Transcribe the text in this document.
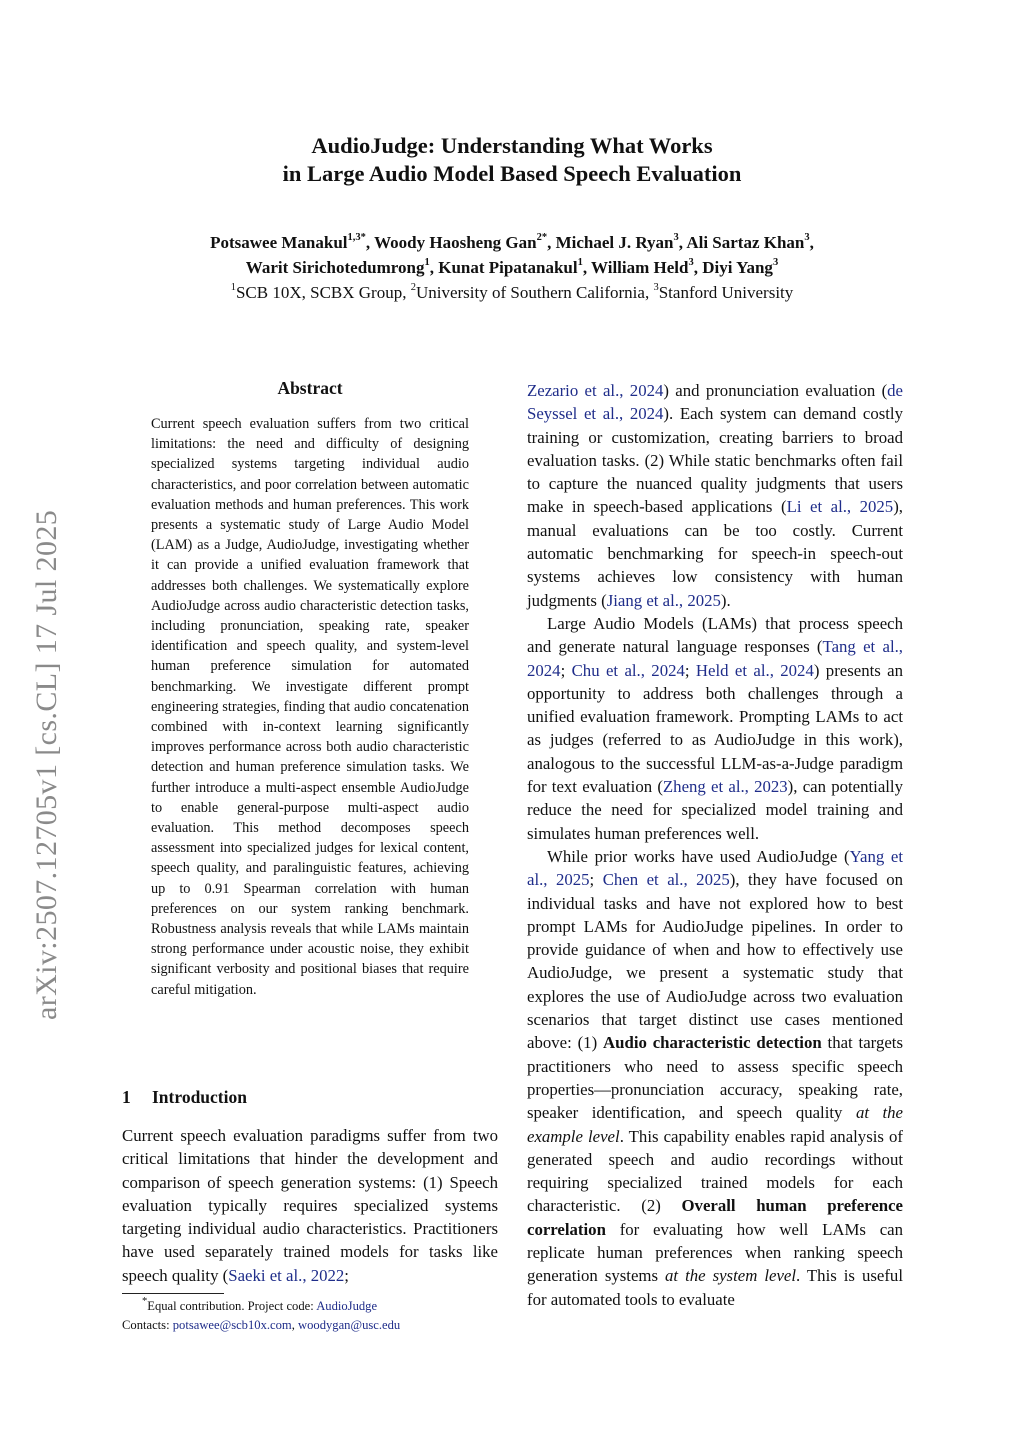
arXiv:2507.12705v1 [cs.CL] 17 Jul 2025
AudioJudge: Understanding What Works
in Large Audio Model Based Speech Evaluation
Potsawee Manakul$^{1,3*}$, Woody Haosheng Gan$^{2*}$, Michael J. Ryan$^3$, Ali Sartaz Khan$^3$,
Warit Sirichotedumrong$^1$, Kunat Pipatanakul$^1$, William Held$^3$, Diyi Yang$^3$
$^1$SCB 10X, SCBX Group, $^2$University of Southern California, $^3$Stanford University
Abstract
Current speech evaluation suffers from two critical limitations: the need and difficulty of designing specialized systems targeting individual audio characteristics, and poor correlation between automatic evaluation methods and human preferences. This work presents a systematic study of Large Audio Model (LAM) as a Judge, AudioJudge, investigating whether it can provide a unified evaluation framework that addresses both challenges. We systematically explore AudioJudge across audio characteristic detection tasks, including pronunciation, speaking rate, speaker identification and speech quality, and system-level human preference simulation for automated benchmarking. We investigate different prompt engineering strategies, finding that audio concatenation combined with in-context learning significantly improves performance across both audio characteristic detection and human preference simulation tasks. We further introduce a multi-aspect ensemble AudioJudge to enable general-purpose multi-aspect audio evaluation. This method decomposes speech assessment into specialized judges for lexical content, speech quality, and paralinguistic features, achieving up to 0.91 Spearman correlation with human preferences on our system ranking benchmark. Robustness analysis reveals that while LAMs maintain strong performance under acoustic noise, they exhibit significant verbosity and positional biases that require careful mitigation.
1 Introduction

Current speech evaluation paradigms suffer from two critical limitations that hinder the development and comparison of speech generation systems: (1) Speech evaluation typically requires specialized systems targeting individual audio characteristics. Practitioners have used separately trained models for tasks like speech quality (Saeki et al., 2022;

*Equal contribution. Project code: AudioJudge
Contacts: potsawee@scb10x.com, woodygan@usc.edu

Zezario et al., 2024) and pronunciation evaluation (de Seyssel et al., 2024). Each system can demand costly training or customization, creating barriers to broad evaluation tasks. (2) While static benchmarks often fail to capture the nuanced quality judgments that users make in speech-based applications (Li et al., 2025), manual evaluations can be too costly. Current automatic benchmarking for speech-in speech-out systems achieves low consistency with human judgments (Jiang et al., 2025).

Large Audio Models (LAMs) that process speech and generate natural language responses (Tang et al., 2024; Chu et al., 2024; Held et al., 2024) presents an opportunity to address both challenges through a unified evaluation framework. Prompting LAMs to act as judges (referred to as AudioJudge in this work), analogous to the successful LLM-as-a-Judge paradigm for text evaluation (Zheng et al., 2023), can potentially reduce the need for specialized model training and simulates human preferences well.

While prior works have used AudioJudge (Yang et al., 2025; Chen et al., 2025), they have focused on individual tasks and have not explored how to best prompt LAMs for AudioJudge pipelines. In order to provide guidance of when and how to effectively use AudioJudge, we present a systematic study that explores the use of AudioJudge across two evaluation scenarios that target distinct use cases mentioned above: (1) Audio characteristic detection that targets practitioners who need to assess specific speech properties—pronunciation accuracy, speaking rate, speaker identification, and speech quality at the example level. This capability enables rapid analysis of generated speech and audio recordings without requiring specialized trained models for each characteristic. (2) Overall human preference correlation for evaluating how well LAMs can replicate human preferences when ranking speech generation systems at the system level. This is useful for automated tools to evaluate
